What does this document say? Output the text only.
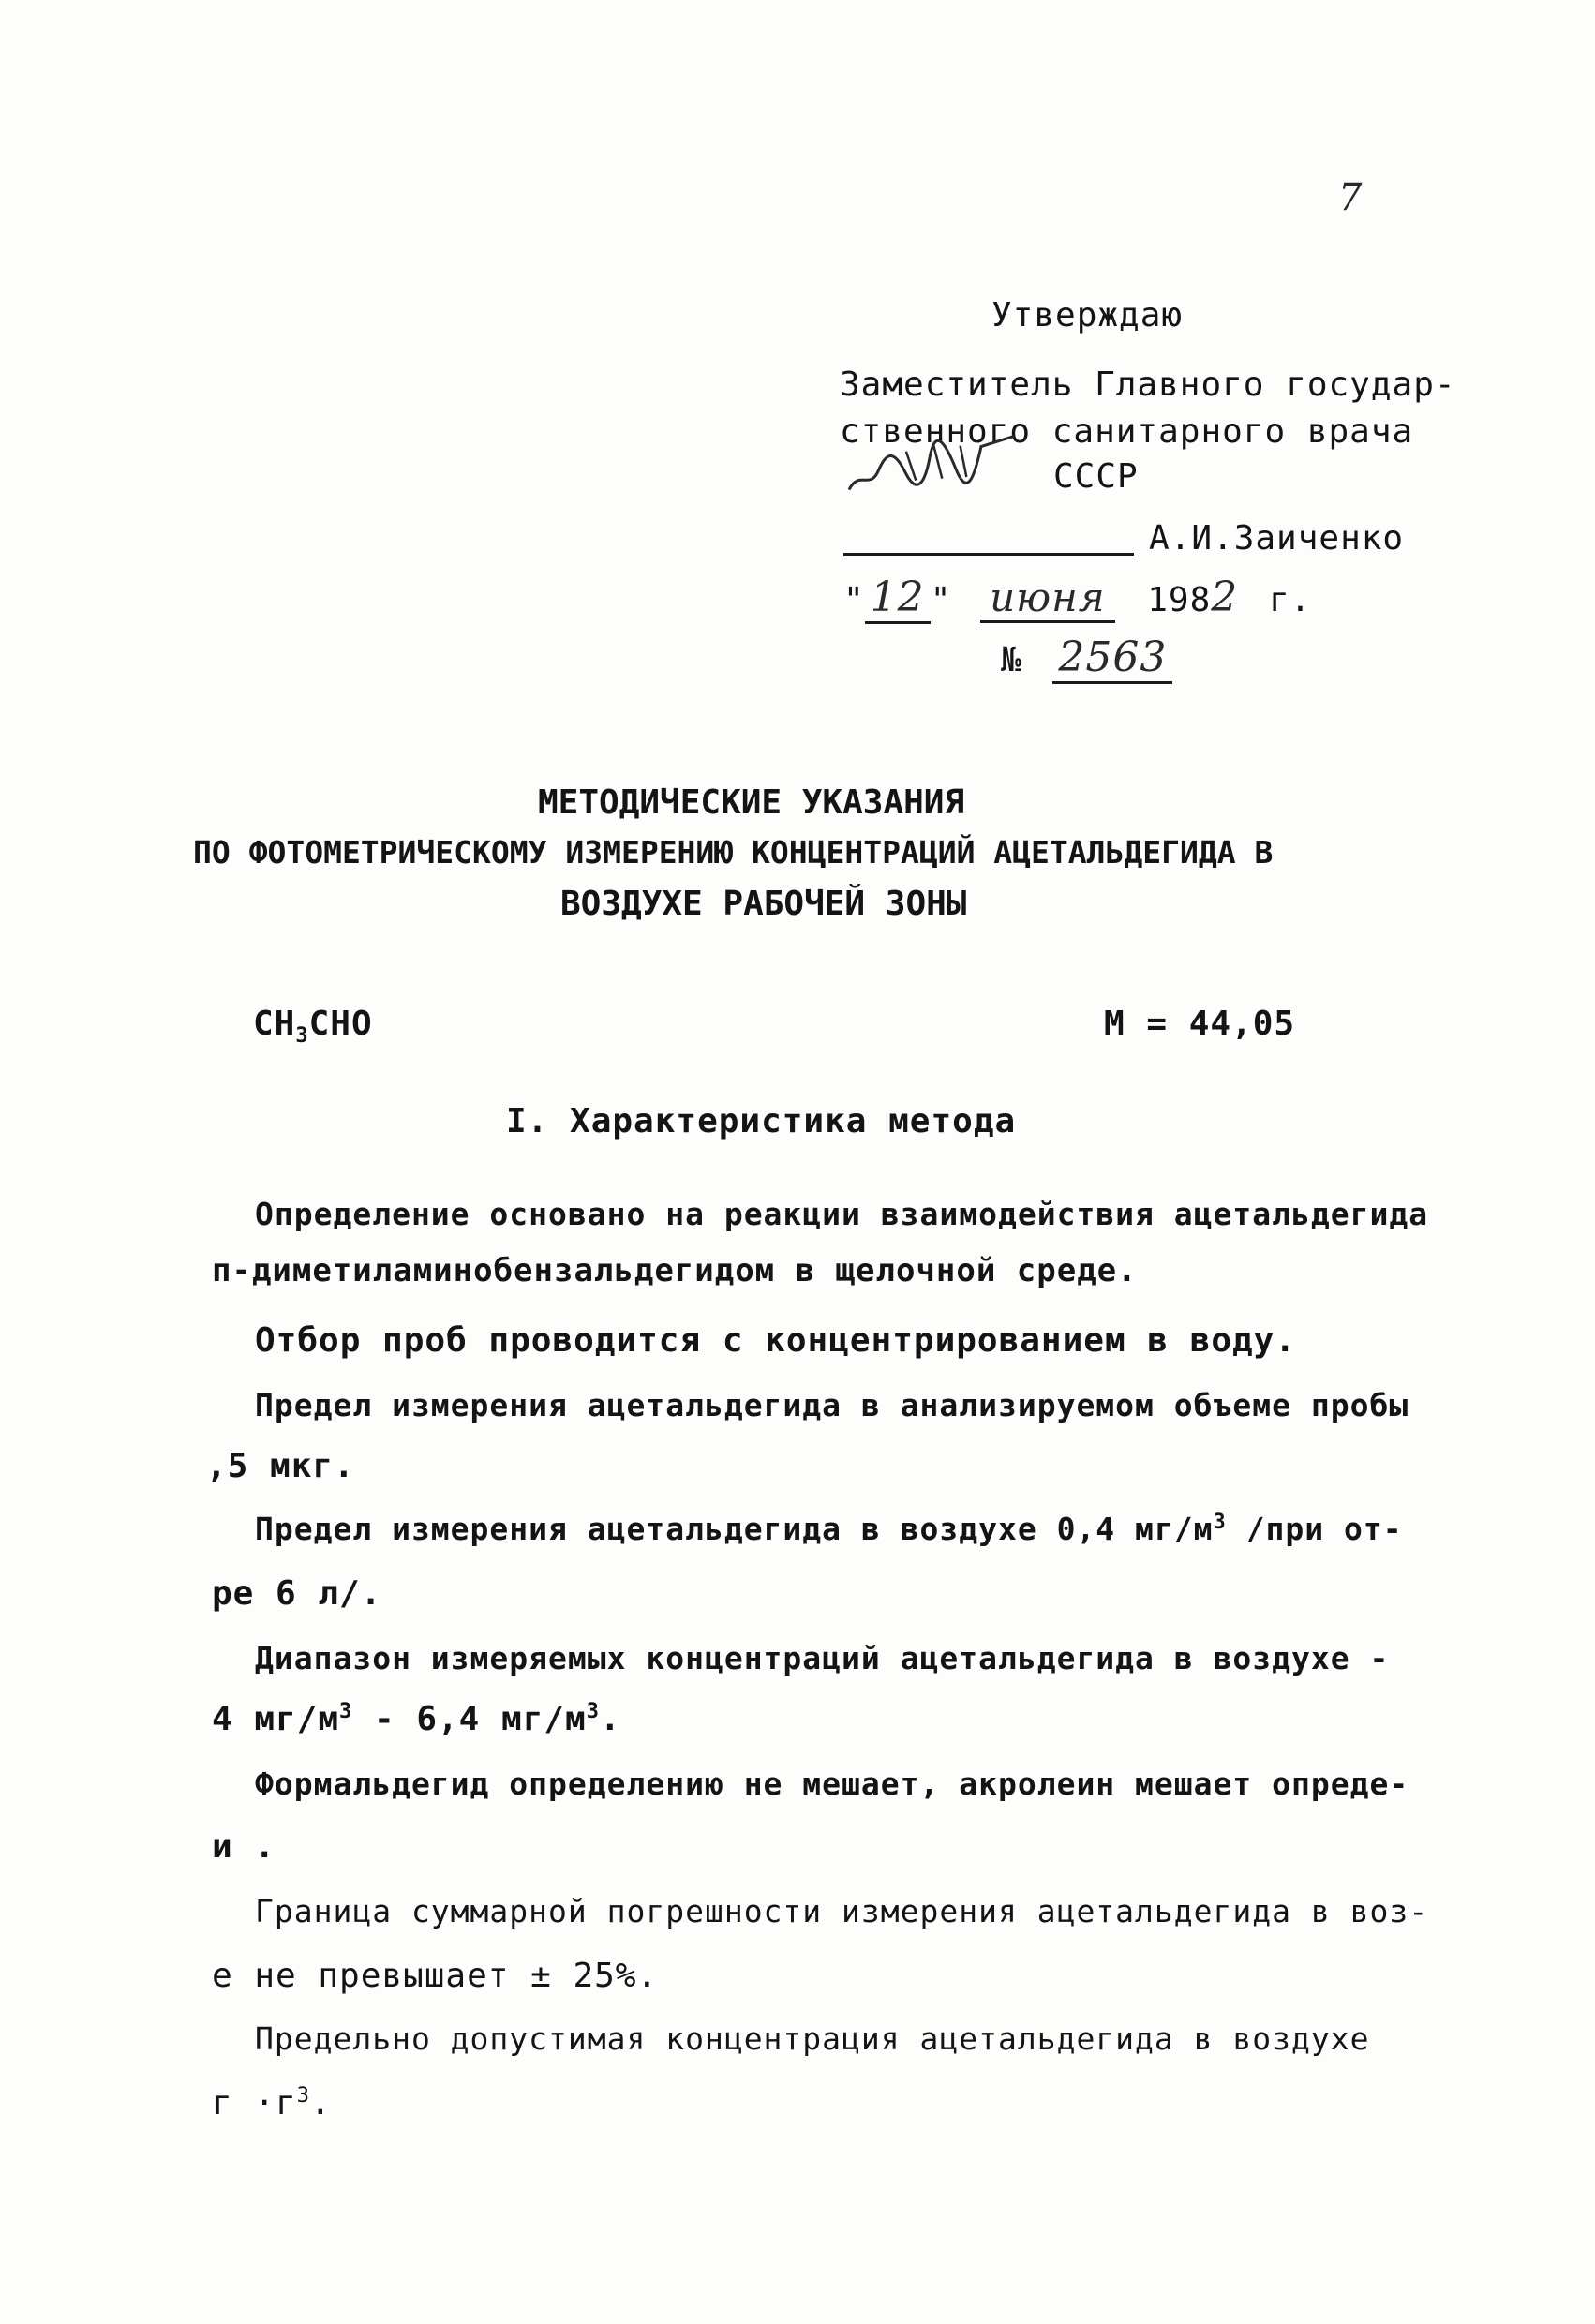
7
Утверждаю
Заместитель Главного государ-
ственного санитарного врача
СССР
А.И.Заиченко
" 12 " июня 1982 г.
№ 2563
МЕТОДИЧЕСКИЕ УКАЗАНИЯ
ПО ФОТОМЕТРИЧЕСКОМУ ИЗМЕРЕНИЮ КОНЦЕНТРАЦИЙ АЦЕТАЛЬДЕГИДА В
ВОЗДУХЕ РАБОЧЕЙ ЗОНЫ
$CH_3CHO$	М = 44,05
I. Характеристика метода
Определение основано на реакции взаимодействия ацетальдегида
п-диметиламинобензальдегидом в щелочной среде.
Отбор проб проводится с концентрированием в воду.
Предел измерения ацетальдегида в анализируемом объеме пробы
,5 мкг.
Предел измерения ацетальдегида в воздухе 0,4 $мг/м^3$ /при от-
ре 6 л/.
Диапазон измеряемых концентраций ацетальдегида в воздухе -
4 $мг/м^3 - 6,4$ $мг/м^3$.
Формальдегид определению не мешает, акролеин мешает опреде-
и .
Граница суммарной погрешности измерения ацетальдегида в воз-
е не превышает ± 25%.
Предельно допустимая концентрация ацетальдегида в воздухе
$г \cdot г^3$.
